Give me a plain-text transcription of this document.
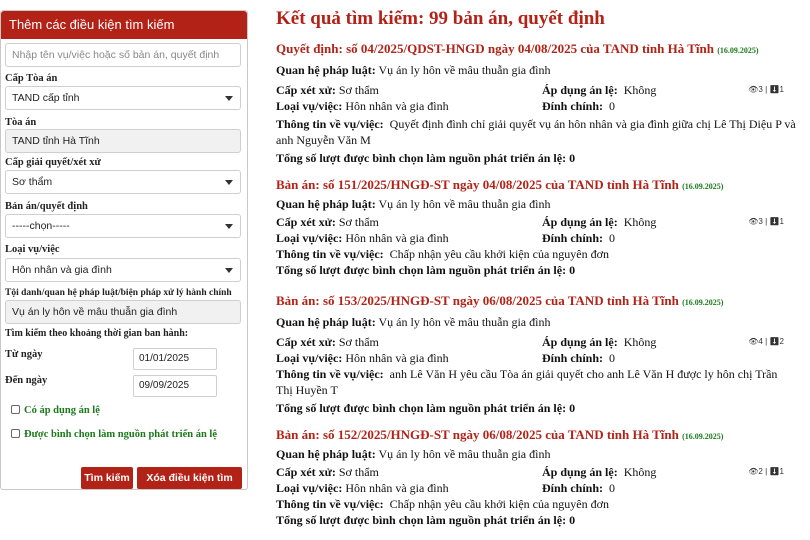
Thêm các điều kiện tìm kiếm
Nhập tên vụ/việc hoặc số bản án, quyết định
Cấp Tòa án
TAND cấp tỉnh
Tòa án
TAND tỉnh Hà Tĩnh
Cấp giải quyết/xét xử
Sơ thẩm
Bản án/quyết định
-----chọn-----
Loại vụ/việc
Hôn nhân và gia đình
Tội danh/quan hệ pháp luật/biện pháp xử lý hành chính
Vụ án ly hôn về mâu thuẫn gia đình
Tìm kiếm theo khoảng thời gian ban hành:
Từ ngày	01/01/2025
Đến ngày	09/09/2025
Có áp dụng án lệ
Được bình chọn làm nguồn phát triển án lệ
Tìm kiếm	Xóa điều kiện tìm kiếm
Kết quả tìm kiếm: 99 bản án, quyết định
Quyết định: số 04/2025/QDST-HNGD ngày 04/08/2025 của TAND tỉnh Hà Tĩnh (16.09.2025)
Quan hệ pháp luật: Vụ án ly hôn về mâu thuẫn gia đình
Cấp xét xử: Sơ thẩm	Áp dụng án lệ: Không	👁3 | ⬇1
Loại vụ/việc: Hôn nhân và gia đình	Đính chính: 0
Thông tin về vụ/việc: Quyết định đình chỉ giải quyết vụ án hôn nhân và gia đình giữa chị Lê Thị Diệu P và anh Nguyễn Văn M
Tổng số lượt được bình chọn làm nguồn phát triển án lệ: 0
Bản án: số 151/2025/HNGĐ-ST ngày 04/08/2025 của TAND tỉnh Hà Tĩnh (16.09.2025)
Quan hệ pháp luật: Vụ án ly hôn về mâu thuẫn gia đình
Cấp xét xử: Sơ thẩm	Áp dụng án lệ: Không	👁3 | ⬇1
Loại vụ/việc: Hôn nhân và gia đình	Đính chính: 0
Thông tin về vụ/việc: Chấp nhận yêu cầu khởi kiện của nguyên đơn
Tổng số lượt được bình chọn làm nguồn phát triển án lệ: 0
Bản án: số 153/2025/HNGĐ-ST ngày 06/08/2025 của TAND tỉnh Hà Tĩnh (16.09.2025)
Quan hệ pháp luật: Vụ án ly hôn về mâu thuẫn gia đình
Cấp xét xử: Sơ thẩm	Áp dụng án lệ: Không	👁4 | ⬇2
Loại vụ/việc: Hôn nhân và gia đình	Đính chính: 0
Thông tin về vụ/việc: anh Lê Văn H yêu cầu Tòa án giải quyết cho anh Lê Văn H được ly hôn chị Trần Thị Huyền T
Tổng số lượt được bình chọn làm nguồn phát triển án lệ: 0
Bản án: số 152/2025/HNGĐ-ST ngày 06/08/2025 của TAND tỉnh Hà Tĩnh (16.09.2025)
Quan hệ pháp luật: Vụ án ly hôn về mâu thuẫn gia đình
Cấp xét xử: Sơ thẩm	Áp dụng án lệ: Không	👁2 | ⬇1
Loại vụ/việc: Hôn nhân và gia đình	Đính chính: 0
Thông tin về vụ/việc: Chấp nhận yêu cầu khởi kiện của nguyên đơn
Tổng số lượt được bình chọn làm nguồn phát triển án lệ: 0
